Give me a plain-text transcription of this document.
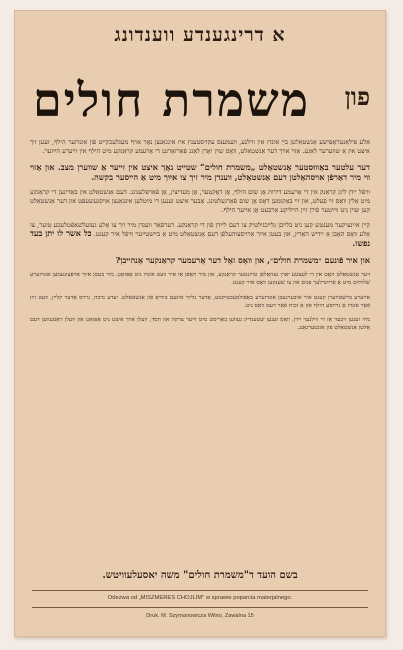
א דרינגענדע ווענדונג
פון
משמרת חולים

אלע פילאַנטראָפּישע אַנשטאַלטן בײַ אונדז אין ווילנע, װעמענס עקזיסטענץ איז אינגאַנצן נאָר אױף מעגלעכקײט פֿון אונדזער הילף, זעען זיך איצט אין אַ שװערער לאַגע. אַזוי אױך דער אַנשטאַלט, װאָס שױן יאָרן לאַנג פֿאַרזאָרגט די אָרעמע קראַנקע מיט הילף אין זײערע הײַזער.

דער עלטער באַװוּסטער אַנשטאַלט „משמרת חולים“ שטײט נאָך איצט אין זײער אַ שװערן מצב. און אַזױ װי מיר דאַרפֿן אױסהאַלטן דעם אַנשטאַלט, װענדן מיר זיך צו אײַך מיט אַ הײסער בקשה.

װיפֿל יידן ליגן קראַנק אין די אָרעמע דירות אָן שום הילף, אָן דאָקטער, אָן מעדיצין, אָן פֿאַרפּלעגונג. דעם אַנשטאַלט אין באַדינען די קראַנקע מיט אַלץ װאָס זײ פֿעלט, און זײ באַקומען דאָס אָן שום פֿאַרגעלטונג. אָבער איצט זענען די מיטלען אינגאַנצן אױסגעשעפּט און דער אַנשטאַלט קען שױן ניט װײַטער פֿירן זײַן הײליקע אַרבעט אָן אײַער הילף.

קײן איינציקער מענטש קען ניט בלײַבן גלײַכגילטיק צו דעם לײַדן פֿון די קראַנקע. דערפֿאַר װענדן מיר זיך צו אַלע געזעלשאַפֿטלעכע טוער, צו אַלע װאָס האָבן אַ יידיש האַרץ, און בעטן אײַך אַרױסצוהעלפֿן דעם אַנשטאַלט מיט אַ בײַשטײַער װיפֿל איר קענט. כל אשר לו יתן בעד נפשו.

און איר פֿונעם ״משמרת חולים״, און װאָס זאָל דער אָרעמער קראַנקער אָנהײבן?

דער אַנשטאַלט האָט אין די לעצטע יאָרן געהאָלפֿן טױזנטער קראַנקע, און מיר האָפֿן אַז איר װעט אונדז ניט אָפּזאָגן. מיר בעטן אײַך אױפֿצונעמען אונדזערע שלוחים מיט אַ פֿרײַנדלעך פּנים און צו שענקען װאָס איר קענט.

אײַערע בײַשטײַערן קענט איר איבערגעבן אונדזערע באַפֿולמעכטיקטע, אָדער גלײַך אינעם ביוראָ פֿון אַנשטאַלט. יעדע נדבה, גרױס אָדער קלײן, װעט זײַן פֿאַר אונדז אַ גרױסע הילף און אַ זכות פֿאַר דעם װאָס גיט.

מיר זענען זיכער אַז די װילנער יידן, װאָס זענען שטענדיק געװען באַרימט מיט זײער צדקה און חסד, װעלן אױך איצט ניט אָפּזאָגן און װעלן ראַטעװען דעם אַלטן אַנשטאַלט פֿון אונטערגאַנג.

בשם הועד ד"משמרת חולים" משה יאסעלעוויטש.
Odezwa od „MISZMERES CHOJLIM" w sprawie poparcia materjalnego.
Druk. M. Szymanowicza Wilno, Zawalna 15
